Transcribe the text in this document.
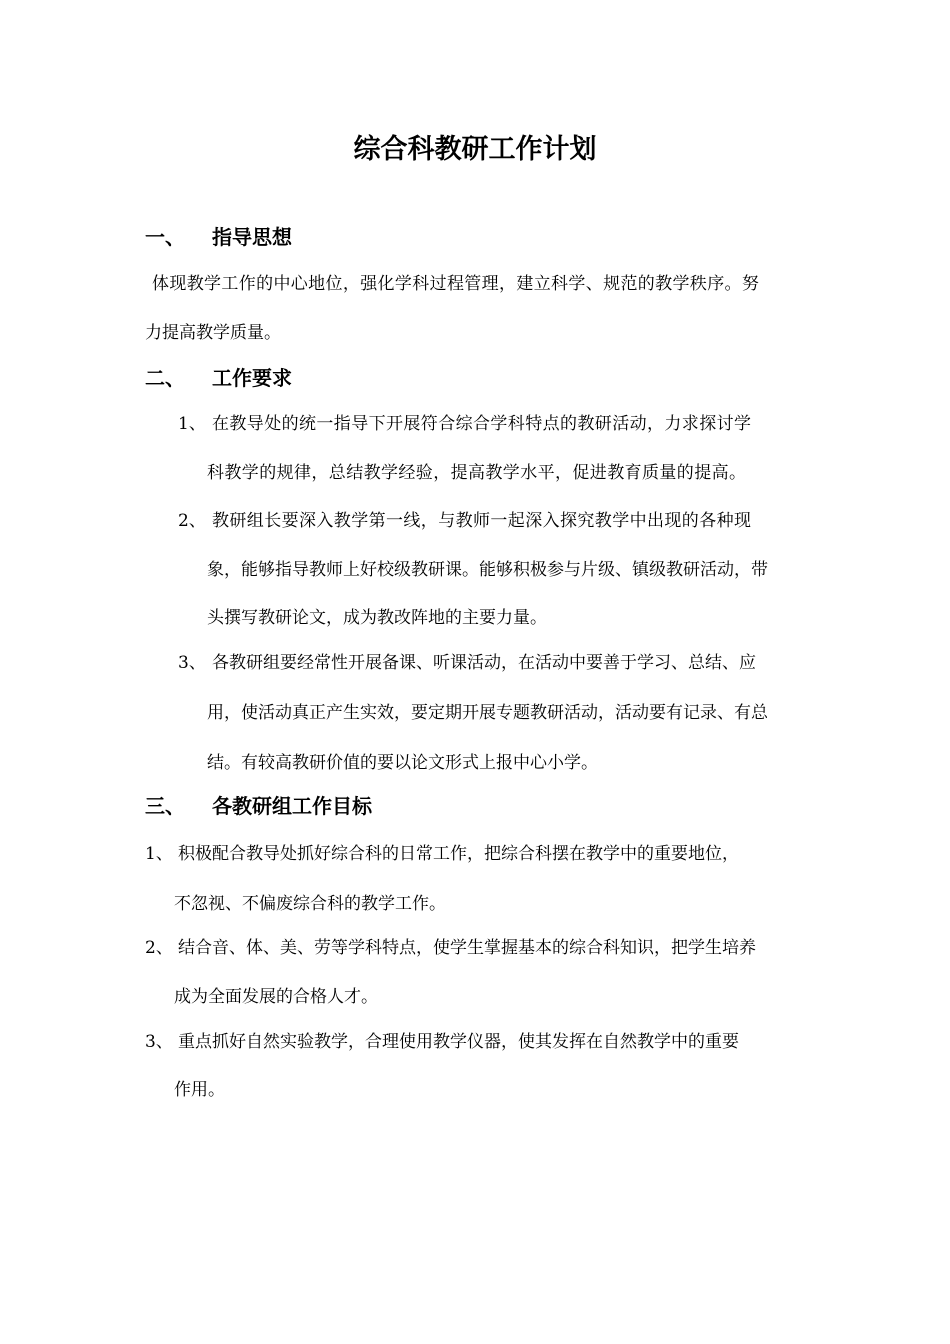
综合科教研工作计划
一、 指导思想
体现教学工作的中心地位，强化学科过程管理，建立科学、规范的教学秩序。努
力提高教学质量。
二、 工作要求
1、 在教导处的统一指导下开展符合综合学科特点的教研活动，力求探讨学
科教学的规律，总结教学经验，提高教学水平，促进教育质量的提高。
2、 教研组长要深入教学第一线，与教师一起深入探究教学中出现的各种现
象，能够指导教师上好校级教研课。能够积极参与片级、镇级教研活动，带
头撰写教研论文，成为教改阵地的主要力量。
3、 各教研组要经常性开展备课、听课活动，在活动中要善于学习、总结、应
用，使活动真正产生实效，要定期开展专题教研活动，活动要有记录、有总
结。有较高教研价值的要以论文形式上报中心小学。
三、 各教研组工作目标
1、 积极配合教导处抓好综合科的日常工作，把综合科摆在教学中的重要地位，
不忽视、不偏废综合科的教学工作。
2、 结合音、体、美、劳等学科特点，使学生掌握基本的综合科知识，把学生培养
成为全面发展的合格人才。
3、 重点抓好自然实验教学，合理使用教学仪器，使其发挥在自然教学中的重要
作用。
